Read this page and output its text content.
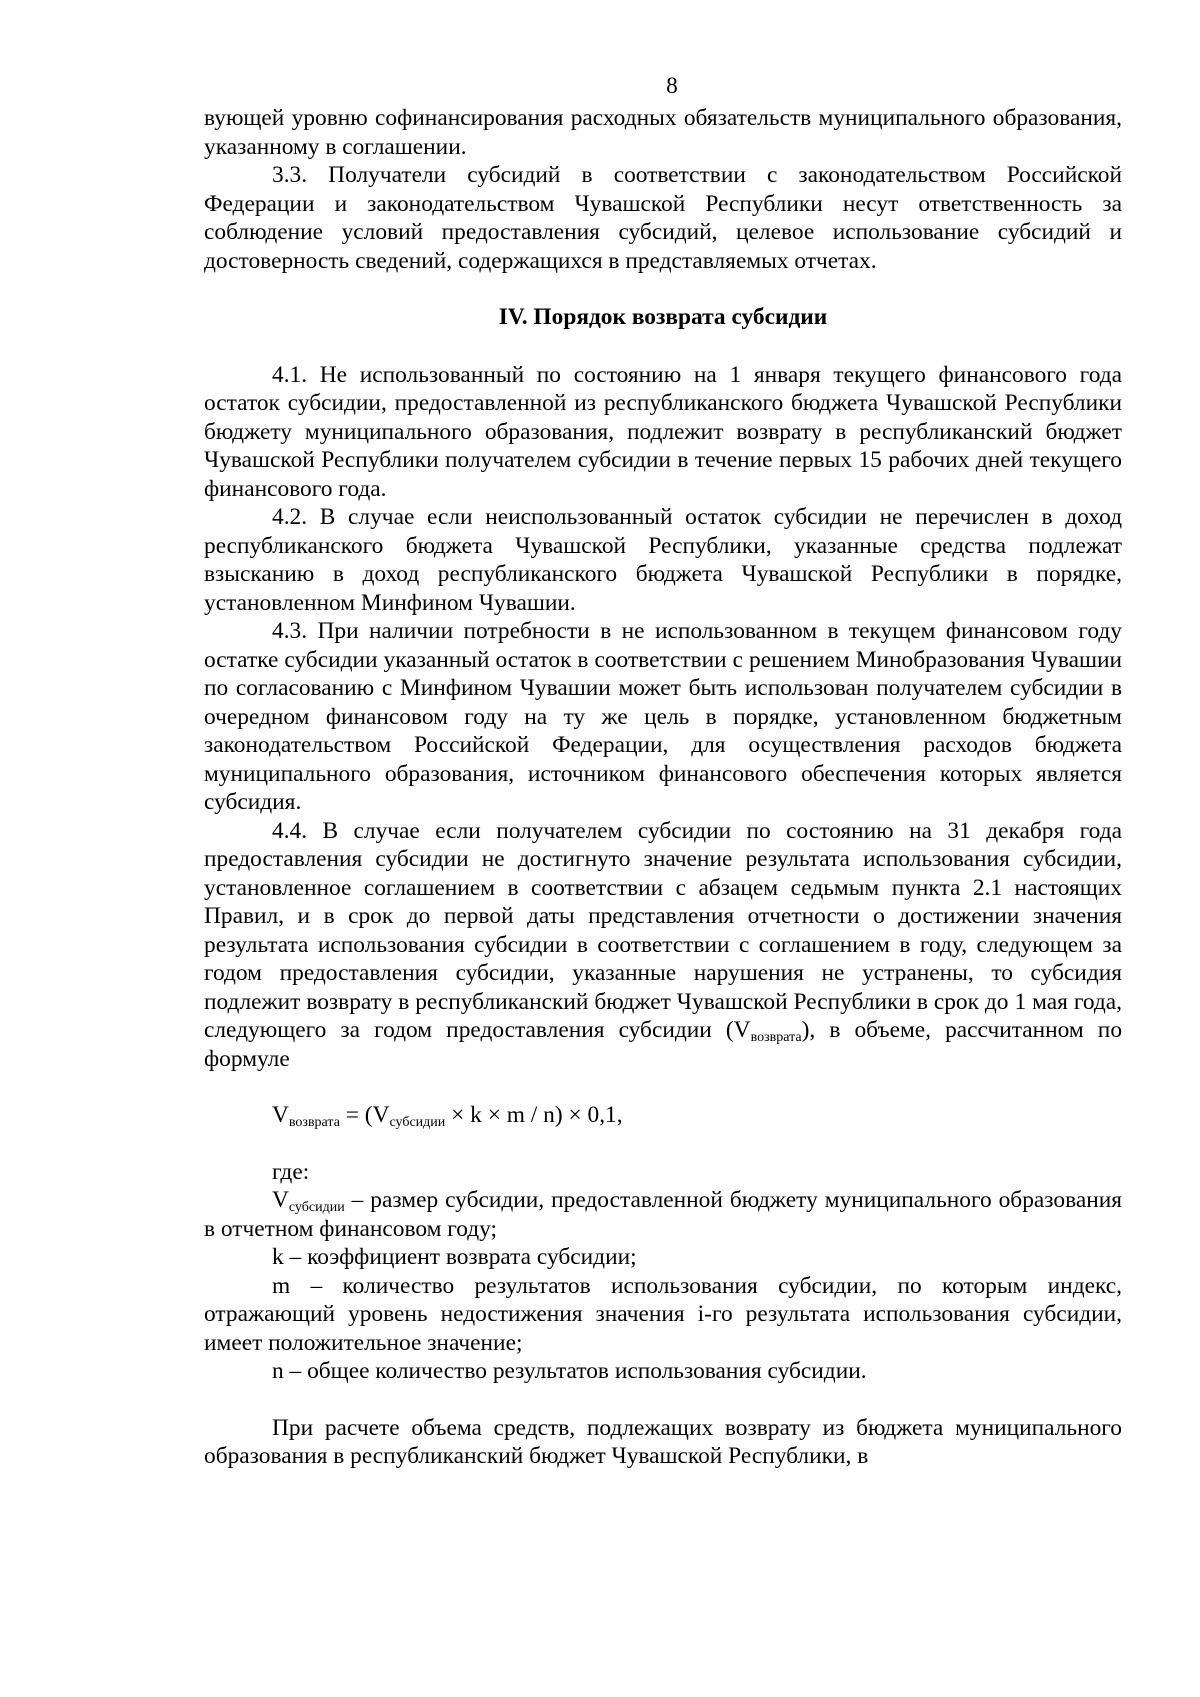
8

вующей уровню софинансирования расходных обязательств муниципального образования, указанному в соглашении.

3.3. Получатели субсидий в соответствии с законодательством Российской Федерации и законодательством Чувашской Республики несут ответственность за соблюдение условий предоставления субсидий, целевое использование субсидий и достоверность сведений, содержащихся в представляемых отчетах.

IV. Порядок возврата субсидии

4.1. Не использованный по состоянию на 1 января текущего финансового года остаток субсидии, предоставленной из республиканского бюджета Чувашской Республики бюджету муниципального образования, подлежит возврату в республиканский бюджет Чувашской Республики получателем субсидии в течение первых 15 рабочих дней текущего финансового года.

4.2. В случае если неиспользованный остаток субсидии не перечислен в доход республиканского бюджета Чувашской Республики, указанные средства подлежат взысканию в доход республиканского бюджета Чувашской Республики в порядке, установленном Минфином Чувашии.

4.3. При наличии потребности в не использованном в текущем финансовом году остатке субсидии указанный остаток в соответствии с решением Минобразования Чувашии по согласованию с Минфином Чувашии может быть использован получателем субсидии в очередном финансовом году на ту же цель в порядке, установленном бюджетным законодательством Российской Федерации, для осуществления расходов бюджета муниципального образования, источником финансового обеспечения которых является субсидия.

4.4. В случае если получателем субсидии по состоянию на 31 декабря года предоставления субсидии не достигнуто значение результата использования субсидии, установленное соглашением в соответствии с абзацем седьмым пункта 2.1 настоящих Правил, и в срок до первой даты представления отчетности о достижении значения результата использования субсидии в соответствии с соглашением в году, следующем за годом предоставления субсидии, указанные нарушения не устранены, то субсидия подлежит возврату в республиканский бюджет Чувашской Республики в срок до 1 мая года, следующего за годом предоставления субсидии $(V_{возврата})$, в объеме, рассчитанном по формуле

$V_{возврата} = (V_{субсидии} \times k \times m / n) \times 0,1$,

где:

$V_{субсидии}$ – размер субсидии, предоставленной бюджету муниципального образования в отчетном финансовом году;

k – коэффициент возврата субсидии;

m – количество результатов использования субсидии, по которым индекс, отражающий уровень недостижения значения i-го результата использования субсидии, имеет положительное значение;

n – общее количество результатов использования субсидии.

При расчете объема средств, подлежащих возврату из бюджета муниципального образования в республиканский бюджет Чувашской Республики, в
